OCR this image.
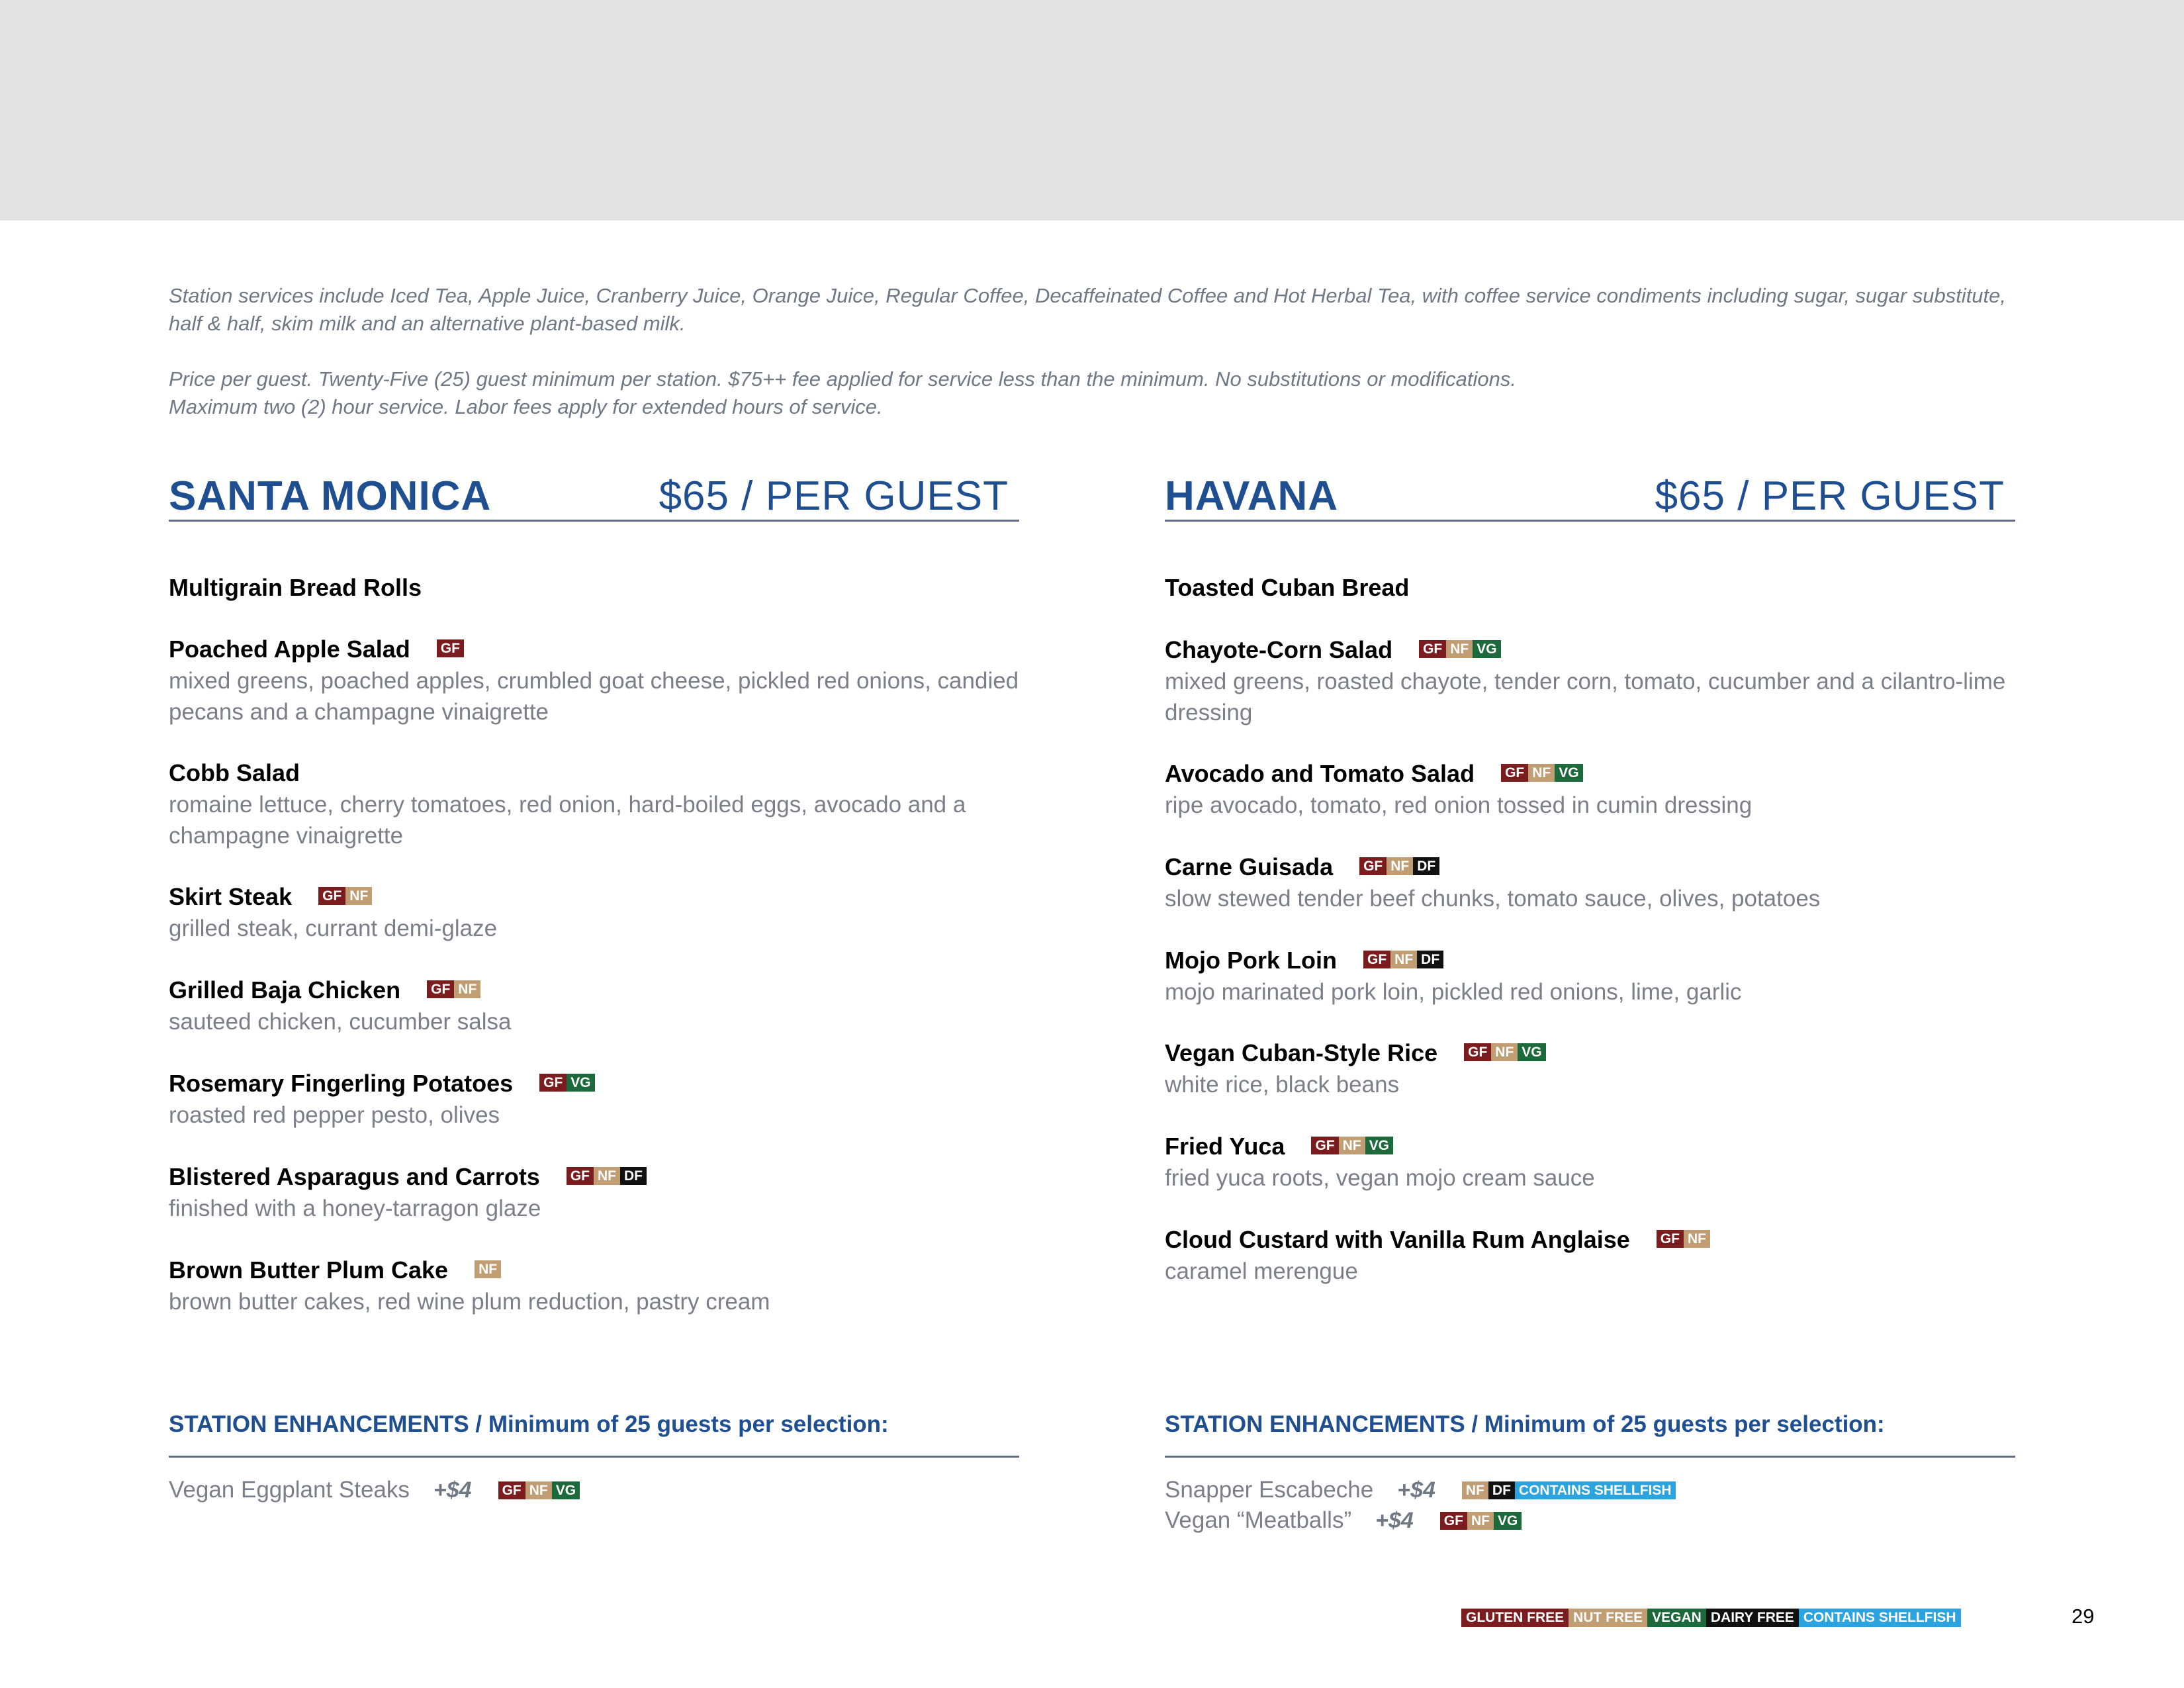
Station services include Iced Tea, Apple Juice, Cranberry Juice, Orange Juice, Regular Coffee, Decaffeinated Coffee and Hot Herbal Tea, with coffee service condiments including sugar, sugar substitute, half & half, skim milk and an alternative plant-based milk.

Price per guest. Twenty-Five (25) guest minimum per station. $75++ fee applied for service less than the minimum. No substitutions or modifications.
Maximum two (2) hour service. Labor fees apply for extended hours of service.
SANTA MONICA	$65 / PER GUEST
Multigrain Bread Rolls
Poached Apple Salad GF
mixed greens, poached apples, crumbled goat cheese, pickled red onions, candied pecans and a champagne vinaigrette
Cobb Salad
romaine lettuce, cherry tomatoes, red onion, hard-boiled eggs, avocado and a champagne vinaigrette
Skirt Steak GF NF
grilled steak, currant demi-glaze
Grilled Baja Chicken GF NF
sauteed chicken, cucumber salsa
Rosemary Fingerling Potatoes GF VG
roasted red pepper pesto, olives
Blistered Asparagus and Carrots GF NF DF
finished with a honey-tarragon glaze
Brown Butter Plum Cake NF
brown butter cakes, red wine plum reduction, pastry cream
HAVANA	$65 / PER GUEST
Toasted Cuban Bread
Chayote-Corn Salad GF NF VG
mixed greens, roasted chayote, tender corn, tomato, cucumber and a cilantro-lime dressing
Avocado and Tomato Salad GF NF VG
ripe avocado, tomato, red onion tossed in cumin dressing
Carne Guisada GF NF DF
slow stewed tender beef chunks, tomato sauce, olives, potatoes
Mojo Pork Loin GF NF DF
mojo marinated pork loin, pickled red onions, lime, garlic
Vegan Cuban-Style Rice GF NF VG
white rice, black beans
Fried Yuca GF NF VG
fried yuca roots, vegan mojo cream sauce
Cloud Custard with Vanilla Rum Anglaise GF NF
caramel merengue
STATION ENHANCEMENTS / Minimum of 25 guests per selection:
Vegan Eggplant Steaks +$4 GF NF VG
STATION ENHANCEMENTS / Minimum of 25 guests per selection:
Snapper Escabeche +$4 NF DF CONTAINS SHELLFISH
Vegan “Meatballs” +$4 GF NF VG
GLUTEN FREE NUT FREE VEGAN DAIRY FREE CONTAINS SHELLFISH	29
